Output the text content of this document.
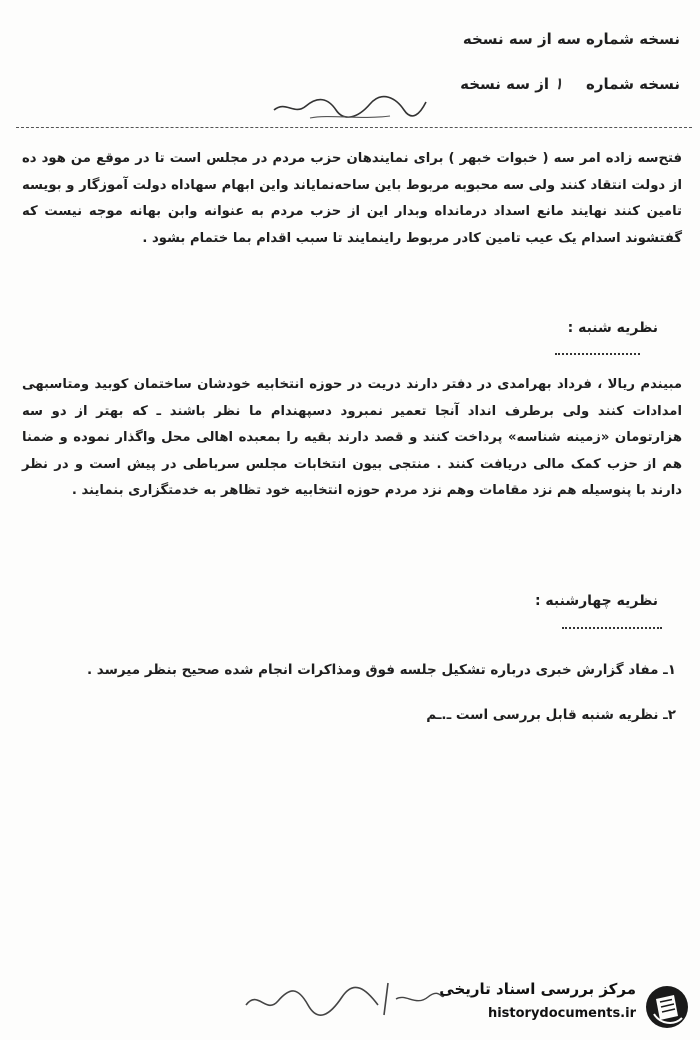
نسخه شماره سه از سه نسخه
نسخه شماره ۱ از سه نسخه
فتح‌سه زاده امر سه ( خبوات خبهر ) برای نمایندهان حزب مردم در مجلس است تا در موقع من هود ده از دولت انتقاد کنند ولی سه محبوبه مربوط باین ساحه‌نمایاند واین ابهام سهاداه دولت آموزگار و بویسه تامین کنند نهایند مانع اسداد درمانداه وبدار این از حزب مردم به عنوانه وابن بهانه موجه نیست که گفتشوند اسدام یک عیب تامین کادر مربوط راینمایند تا سبب اقدام بما ختمام بشود .
نظریه شنبه :
مبیندم ریالا ، فرداد بهرامدی در دفتر دارند دریت در حوزه انتخابیه خودشان ساختمان کوبید ومتاسبهی امدادات کنند ولی برطرف انداد آنجا تعمیر نمبرود دسپهندام ما نظر باشند ـ که بهتر از دو سه هزارتومان «زمینه شناسه» پرداخت کنند و قصد دارند بقیه را بمعبده اهالی محل واگذار نموده و ضمنا هم از حزب کمک مالی دریافت کنند . منتجی بیون انتخابات مجلس سرباطی در پیش است و در نظر دارند با پنوسیله هم نزد مقامات وهم نزد مردم حوزه انتخابیه خود تظاهر به خدمتگزاری بنمایند .
نظریه چهارشنبه :
۱ـ مفاد گزارش خبری درباره تشکیل جلسه فوق ومذاکرات انجام شده صحیح بنظر میرسد .
۲ـ نظریه شنبه قابل بررسی است ـ.ـم
مرکز بررسی اسناد تاریخی
historydocuments.ir
